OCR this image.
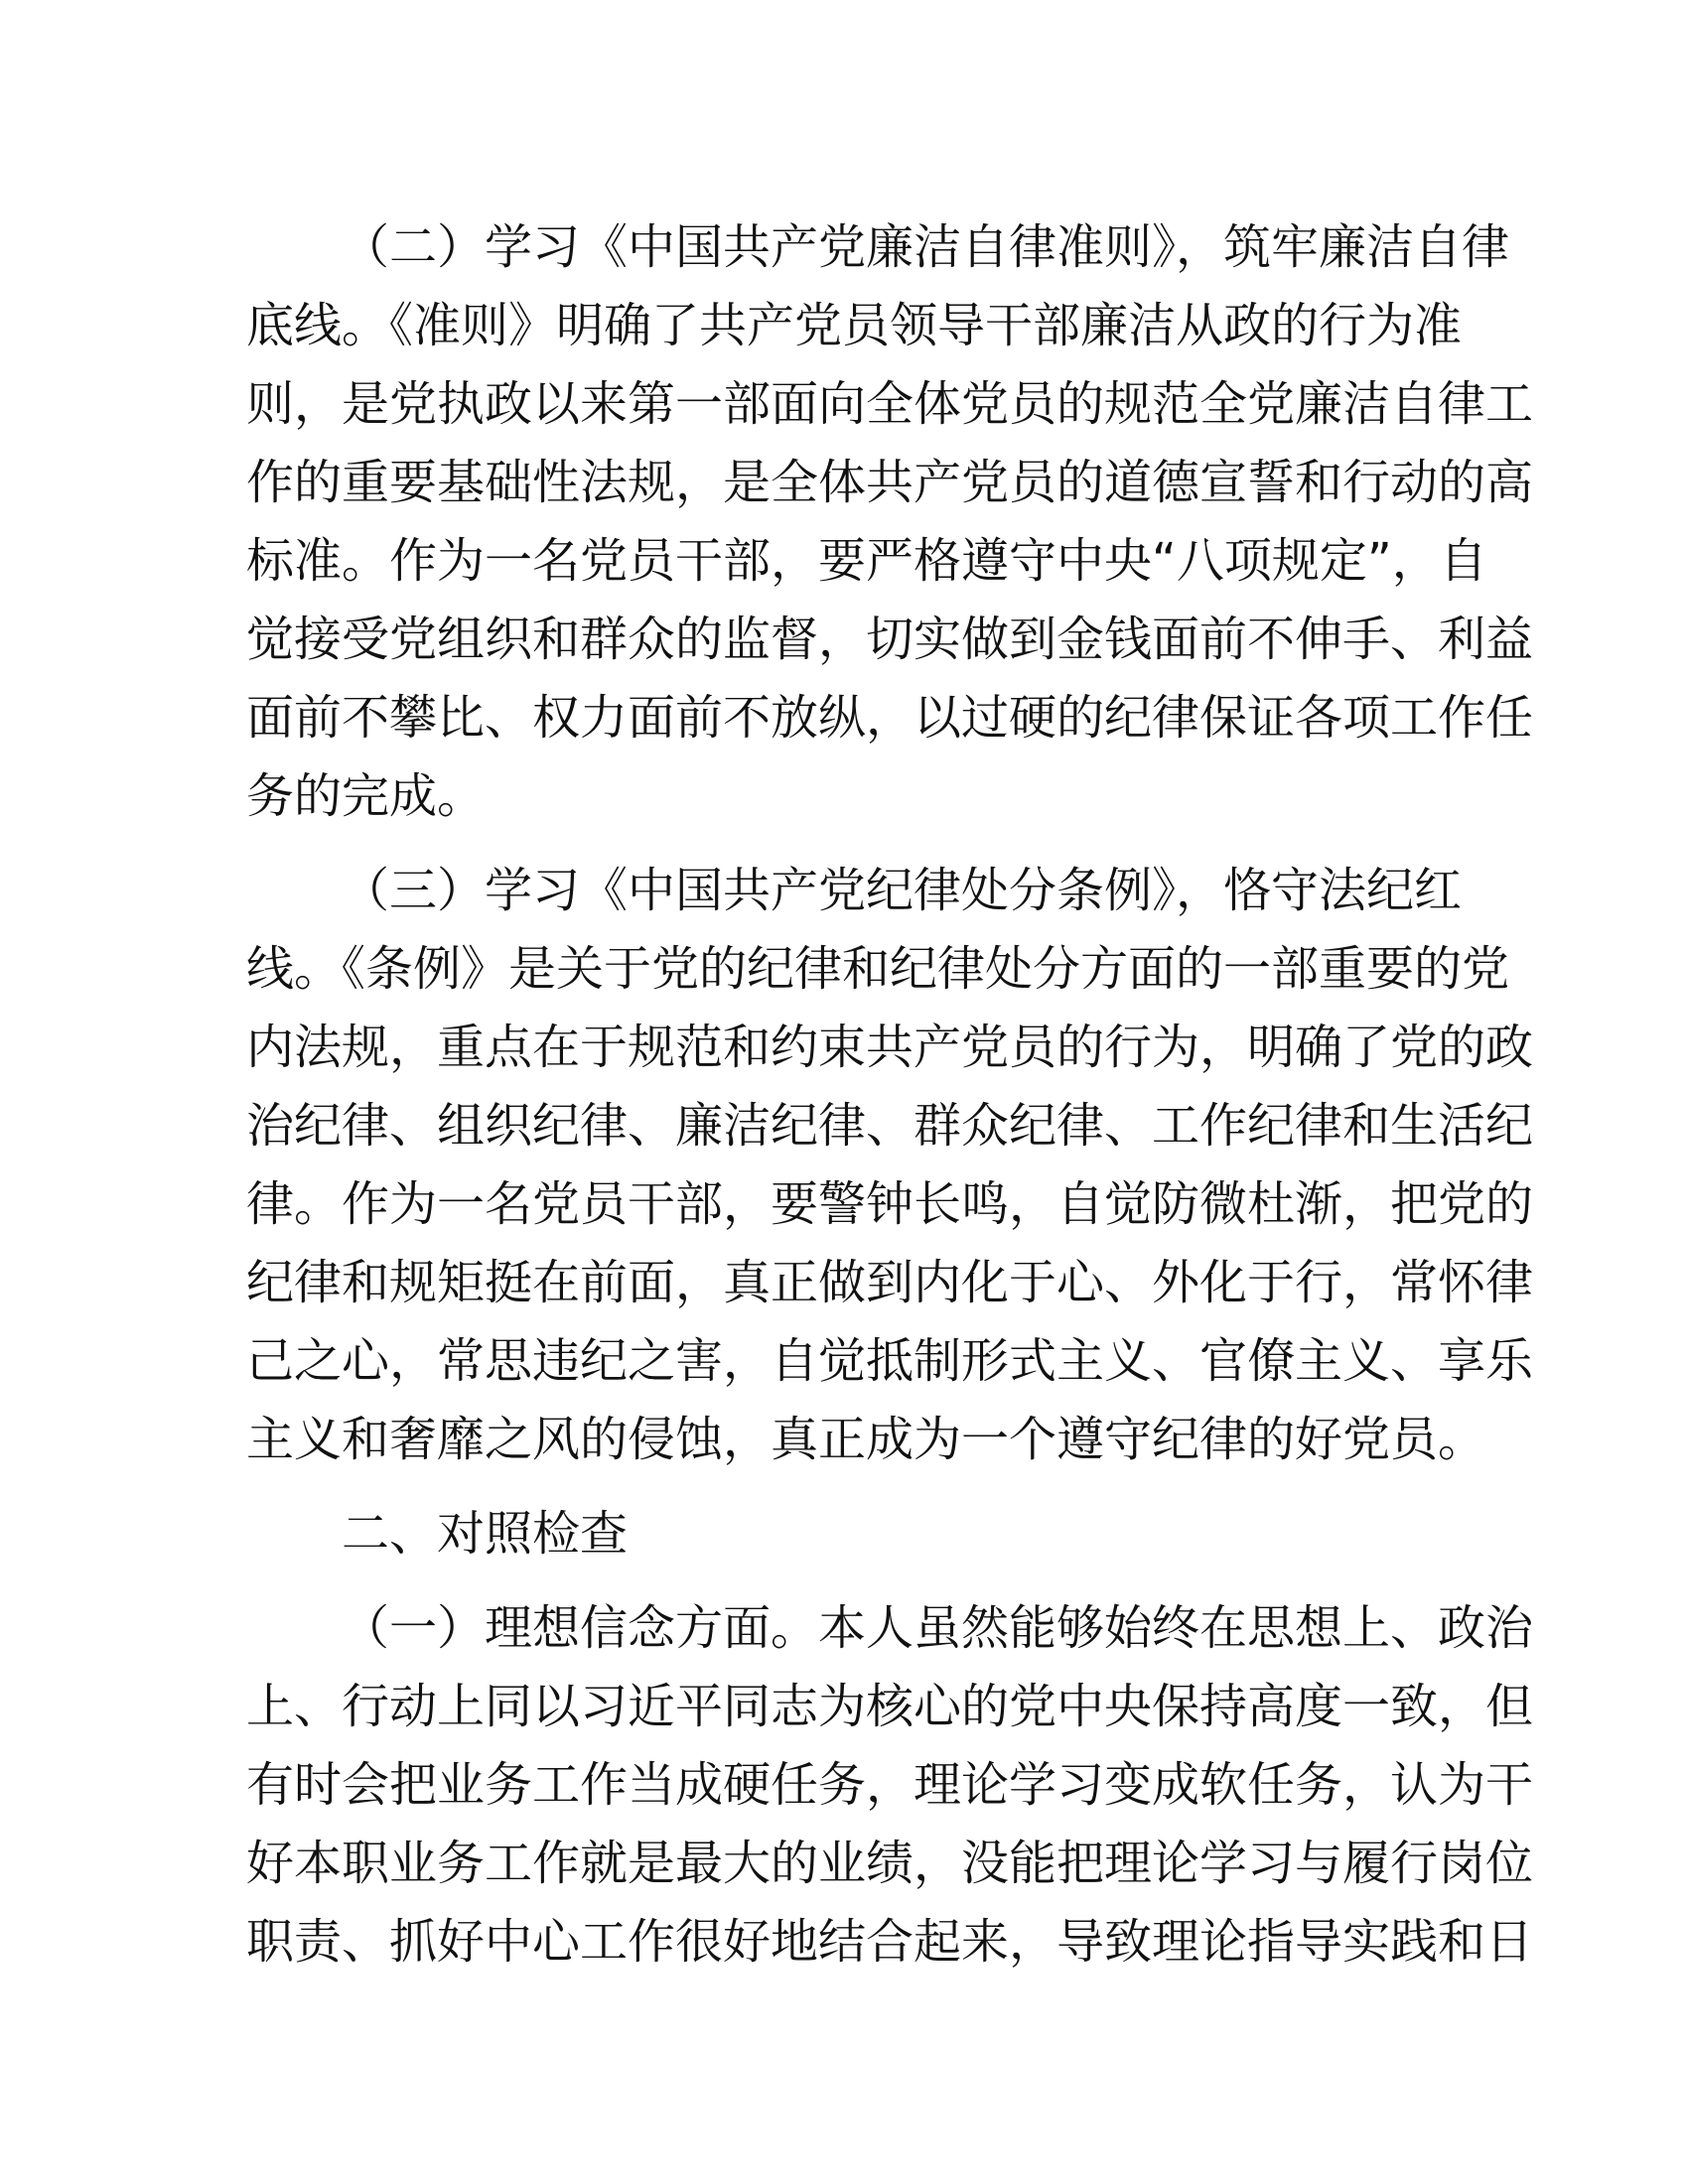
（二）学习《中国共产党廉洁自律准则》，筑牢廉洁自律
底线。《准则》明确了共产党员领导干部廉洁从政的行为准
则，是党执政以来第一部面向全体党员的规范全党廉洁自律工
作的重要基础性法规，是全体共产党员的道德宣誓和行动的高
标准。作为一名党员干部，要严格遵守中央“八项规定”，自
觉接受党组织和群众的监督，切实做到金钱面前不伸手、利益
面前不攀比、权力面前不放纵，以过硬的纪律保证各项工作任
务的完成。
（三）学习《中国共产党纪律处分条例》，恪守法纪红
线。《条例》是关于党的纪律和纪律处分方面的一部重要的党
内法规，重点在于规范和约束共产党员的行为，明确了党的政
治纪律、组织纪律、廉洁纪律、群众纪律、工作纪律和生活纪
律。作为一名党员干部，要警钟长鸣，自觉防微杜渐，把党的
纪律和规矩挺在前面，真正做到内化于心、外化于行，常怀律
己之心，常思违纪之害，自觉抵制形式主义、官僚主义、享乐
主义和奢靡之风的侵蚀，真正成为一个遵守纪律的好党员。
二、对照检查
（一）理想信念方面。本人虽然能够始终在思想上、政治
上、行动上同以习近平同志为核心的党中央保持高度一致，但
有时会把业务工作当成硬任务，理论学习变成软任务，认为干
好本职业务工作就是最大的业绩，没能把理论学习与履行岗位
职责、抓好中心工作很好地结合起来，导致理论指导实践和日
